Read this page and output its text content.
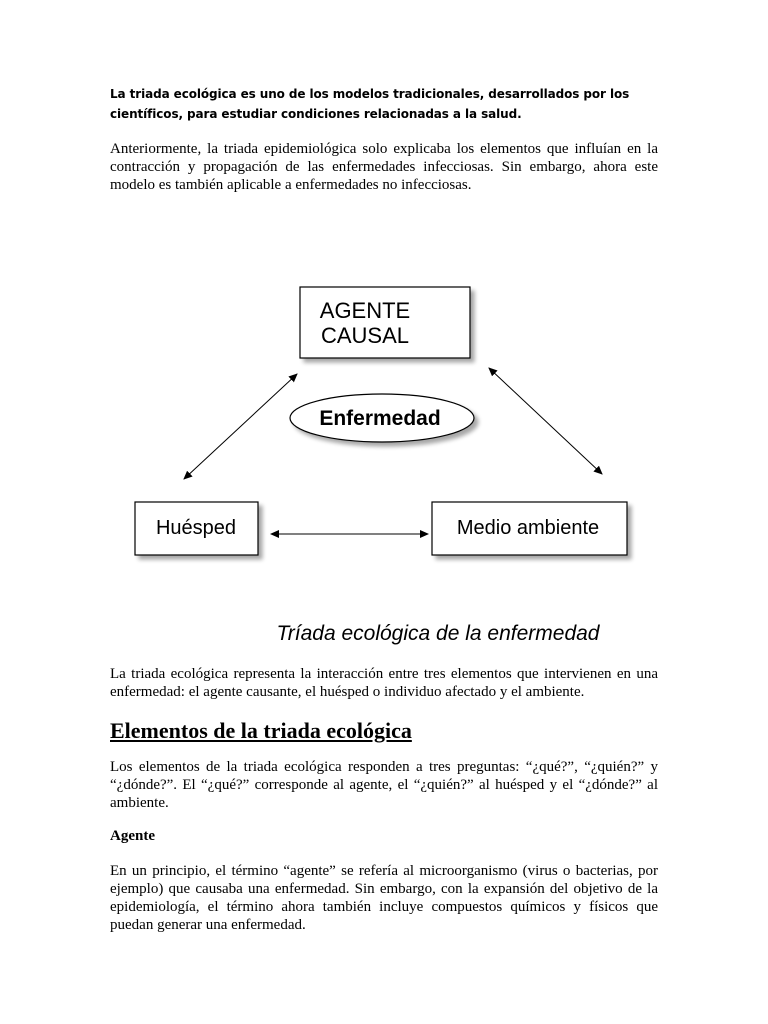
La triada ecológica es uno de los modelos tradicionales, desarrollados por los científicos, para estudiar condiciones relacionadas a la salud.
Anteriormente, la triada epidemiológica solo explicaba los elementos que influían en la contracción y propagación de las enfermedades infecciosas. Sin embargo, ahora este modelo es también aplicable a enfermedades no infecciosas.
AGENTE
CAUSAL
Enfermedad
Huésped	Medio ambiente
Tríada ecológica de la enfermedad
La triada ecológica representa la interacción entre tres elementos que intervienen en una enfermedad: el agente causante, el huésped o individuo afectado y el ambiente.
Elementos de la triada ecológica
Los elementos de la triada ecológica responden a tres preguntas: “¿qué?”, “¿quién?” y “¿dónde?”. El “¿qué?” corresponde al agente, el “¿quién?” al huésped y el “¿dónde?” al ambiente.
Agente
En un principio, el término “agente” se refería al microorganismo (virus o bacterias, por ejemplo) que causaba una enfermedad. Sin embargo, con la expansión del objetivo de la epidemiología, el término ahora también incluye compuestos químicos y físicos que puedan generar una enfermedad.
